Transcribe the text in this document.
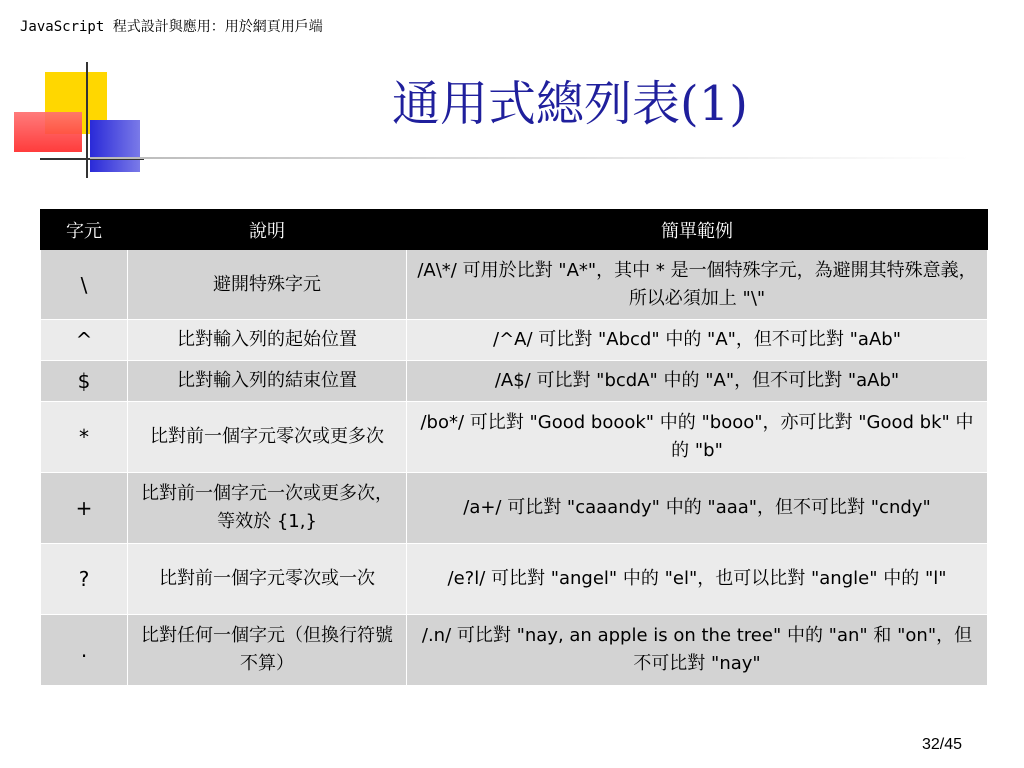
JavaScript 程式設計與應用：用於網頁用戶端
通用式總列表(1)
字元	說明	簡單範例
\	避開特殊字元	/A\*/ 可用於比對 "A*"，其中 * 是一個特殊字元，為避開其特殊意義，所以必須加上 "\"
^	比對輸入列的起始位置	/^A/ 可比對 "Abcd" 中的 "A"，但不可比對 "aAb"
$	比對輸入列的結束位置	/A$/ 可比對 "bcdA" 中的 "A"，但不可比對 "aAb"
*	比對前一個字元零次或更多次	/bo*/ 可比對 "Good boook" 中的 "booo"，亦可比對 "Good bk" 中的 "b"
+	比對前一個字元一次或更多次，等效於 {1,}	/a+/ 可比對 "caaandy" 中的 "aaa"，但不可比對 "cndy"
?	比對前一個字元零次或一次	/e?l/ 可比對 "angel" 中的 "el"，也可以比對 "angle" 中的 "l"
.	比對任何一個字元（但換行符號不算）	/.n/ 可比對 "nay, an apple is on the tree" 中的 "an" 和 "on"，但不可比對 "nay"
32/45
